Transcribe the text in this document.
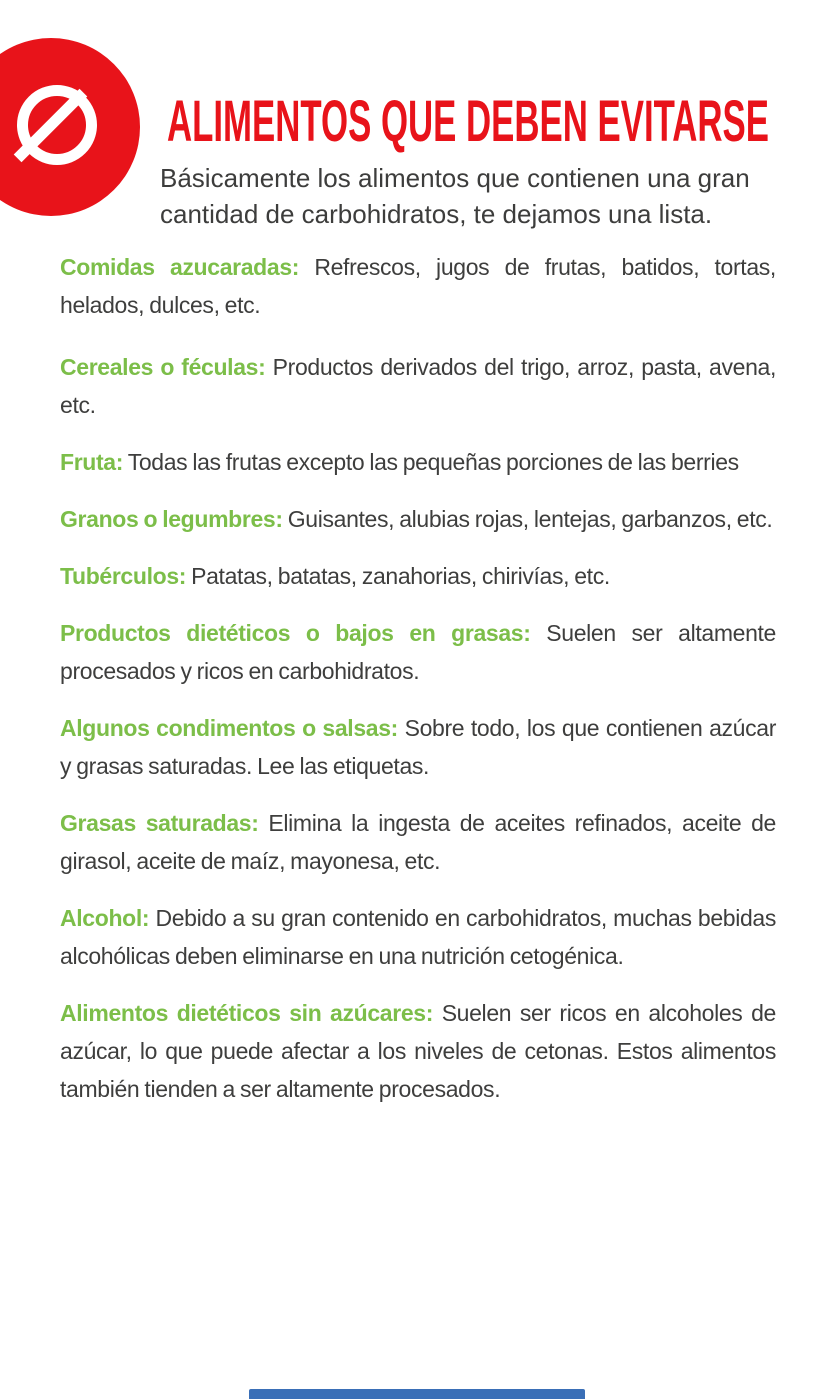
ALIMENTOS QUE DEBEN EVITARSE
Básicamente los alimentos que contienen una gran cantidad de carbohidratos, te dejamos una lista.

Comidas azucaradas: Refrescos, jugos de frutas, batidos, tortas, helados, dulces, etc.

Cereales o féculas: Productos derivados del trigo, arroz, pasta, avena, etc.

Fruta: Todas las frutas excepto las pequeñas porciones de las berries

Granos o legumbres: Guisantes, alubias rojas, lentejas, garbanzos, etc.

Tubérculos: Patatas, batatas, zanahorias, chirivías, etc.

Productos dietéticos o bajos en grasas: Suelen ser altamente procesados y ricos en carbohidratos.

Algunos condimentos o salsas: Sobre todo, los que contienen azúcar y grasas saturadas. Lee las etiquetas.

Grasas saturadas: Elimina la ingesta de aceites refinados, aceite de girasol, aceite de maíz, mayonesa, etc.

Alcohol: Debido a su gran contenido en carbohidratos, muchas bebidas alcohólicas deben eliminarse en una nutrición cetogénica.

Alimentos dietéticos sin azúcares: Suelen ser ricos en alcoholes de azúcar, lo que puede afectar a los niveles de cetonas. Estos alimentos también tienden a ser altamente procesados.
